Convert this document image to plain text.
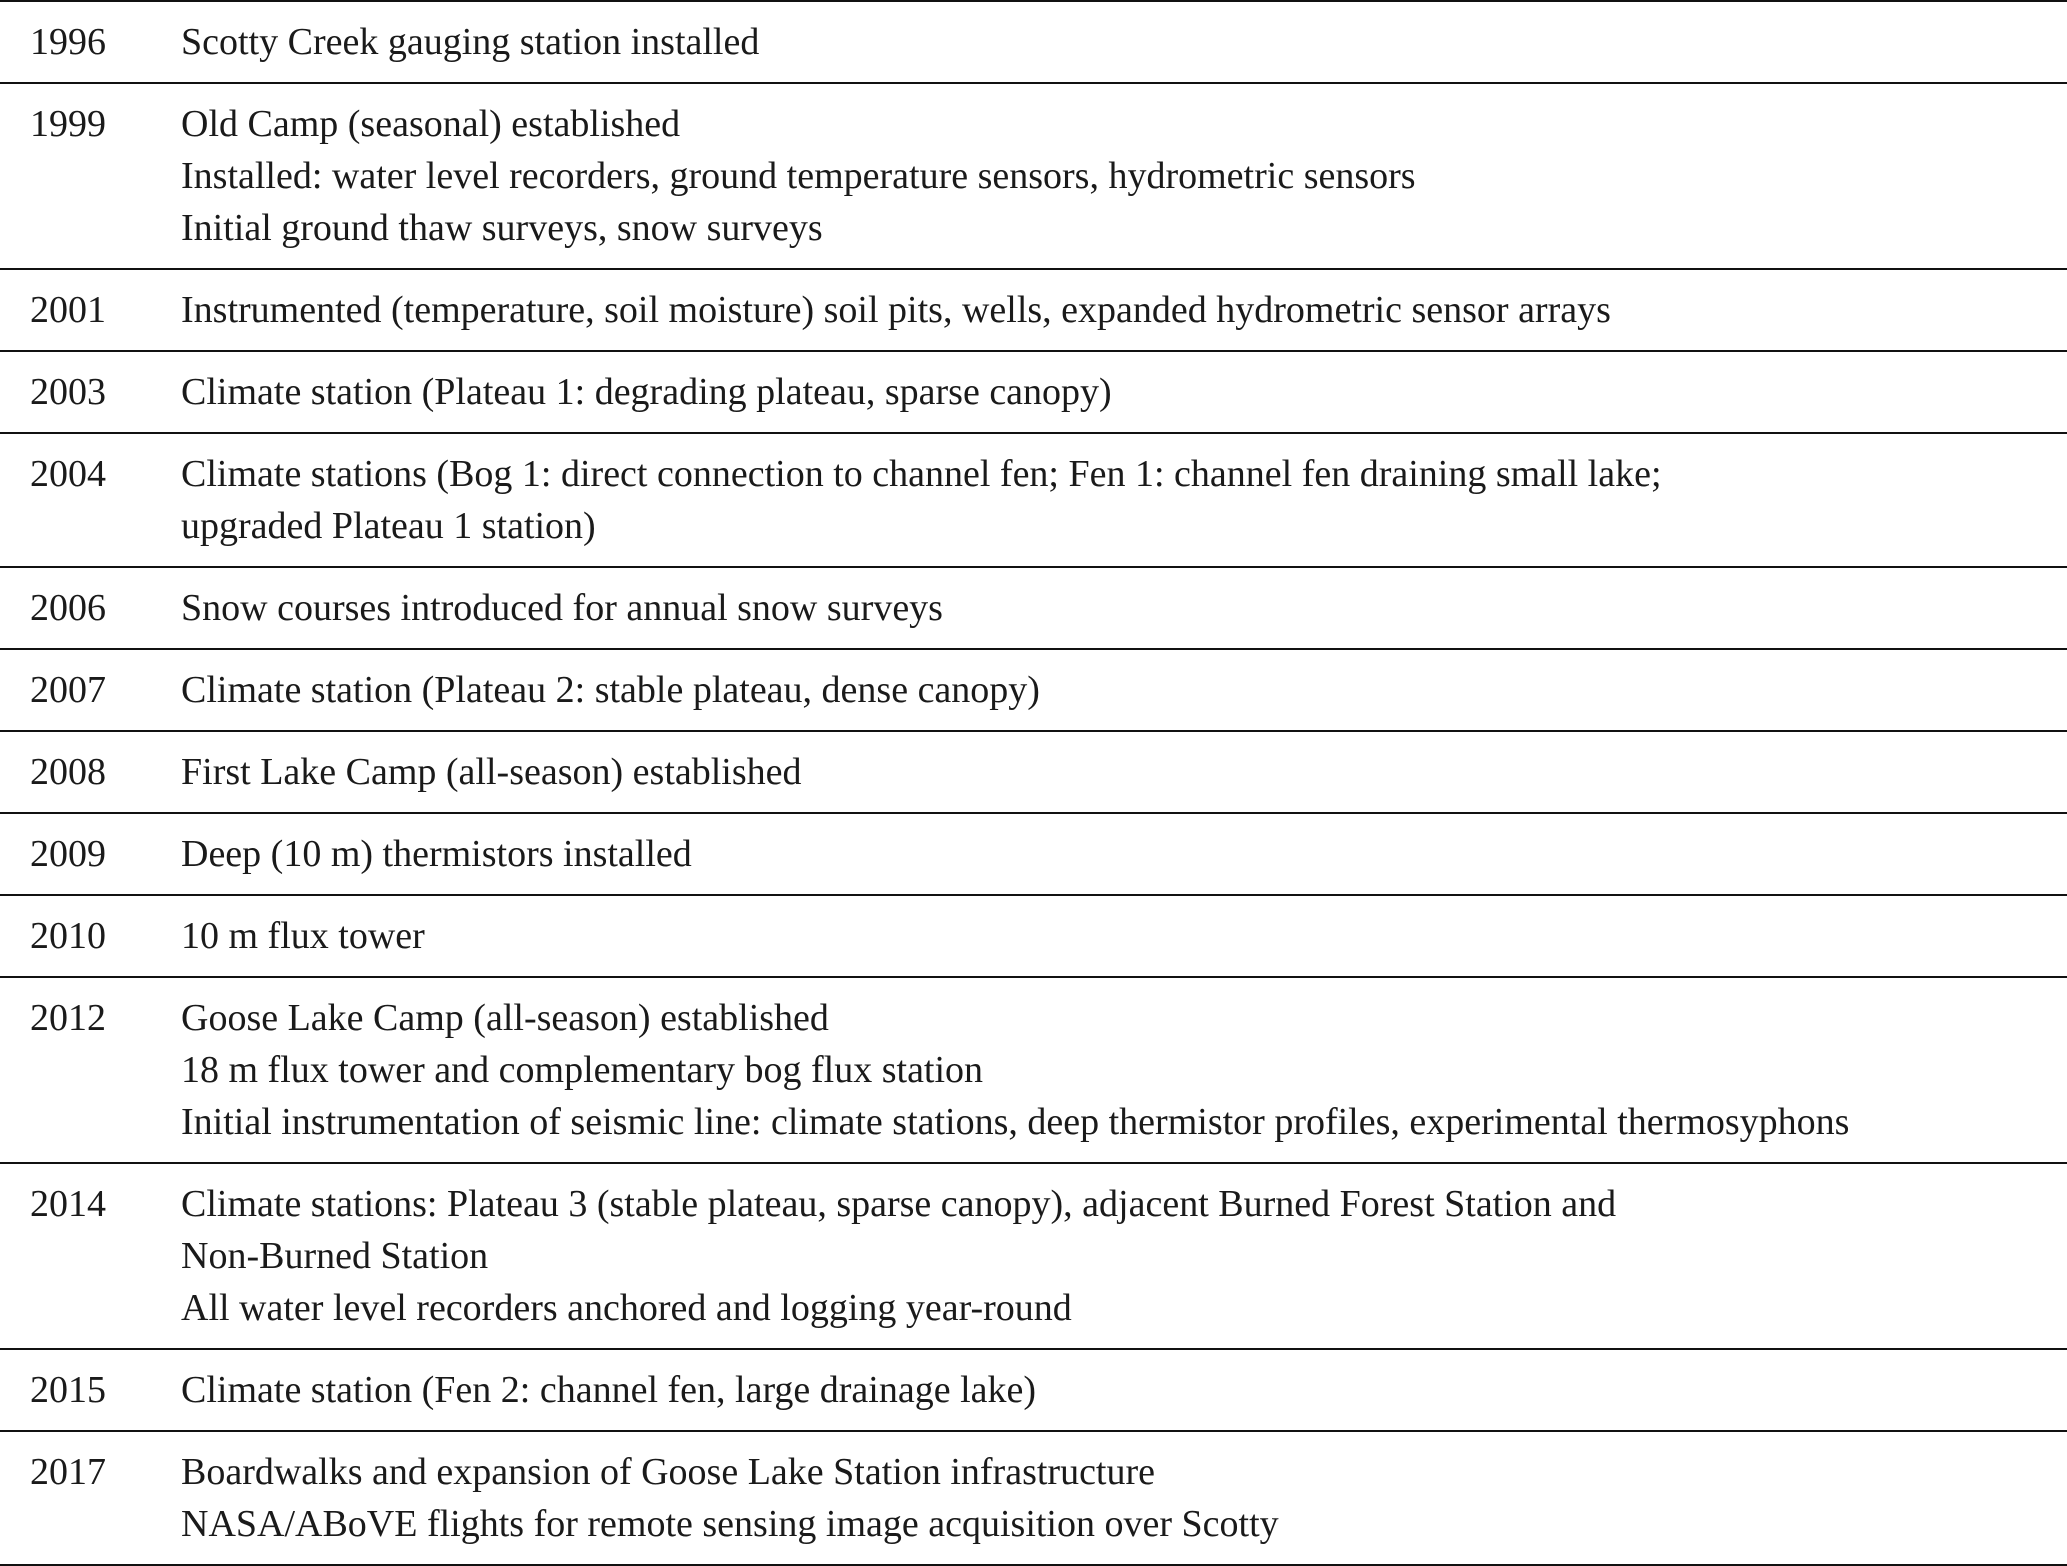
1996	Scotty Creek gauging station installed

1999	Old Camp (seasonal) established
Installed: water level recorders, ground temperature sensors, hydrometric sensors
Initial ground thaw surveys, snow surveys

2001	Instrumented (temperature, soil moisture) soil pits, wells, expanded hydrometric sensor arrays

2003	Climate station (Plateau 1: degrading plateau, sparse canopy)

2004	Climate stations (Bog 1: direct connection to channel fen; Fen 1: channel fen draining small lake;
upgraded Plateau 1 station)

2006	Snow courses introduced for annual snow surveys

2007	Climate station (Plateau 2: stable plateau, dense canopy)

2008	First Lake Camp (all-season) established

2009	Deep (10 m) thermistors installed

2010	10 m flux tower

2012	Goose Lake Camp (all-season) established
18 m flux tower and complementary bog flux station
Initial instrumentation of seismic line: climate stations, deep thermistor profiles, experimental thermosyphons

2014	Climate stations: Plateau 3 (stable plateau, sparse canopy), adjacent Burned Forest Station and
Non-Burned Station
All water level recorders anchored and logging year-round

2015	Climate station (Fen 2: channel fen, large drainage lake)

2017	Boardwalks and expansion of Goose Lake Station infrastructure
NASA/ABoVE flights for remote sensing image acquisition over Scotty
